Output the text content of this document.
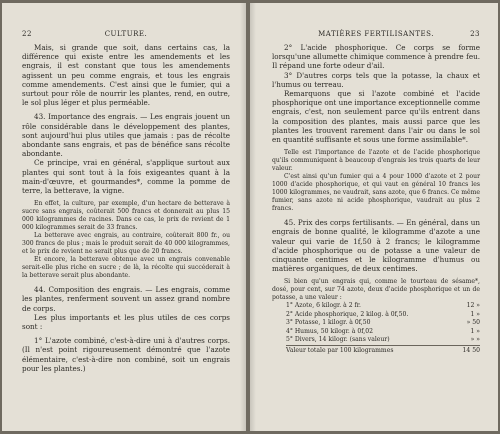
22	CULTURE.

Mais, si grande que soit, dans certains cas, la différence qui existe entre les amendements et les engrais, il est constant que tous les amendements agissent un peu comme engrais, et tous les engrais comme amendements. C'est ainsi que le fumier, qui a surtout pour rôle de nourrir les plantes, rend, en outre, le sol plus léger et plus perméable.

43. Importance des engrais. — Les engrais jouent un rôle considérable dans le développement des plantes, sont aujourd'hui plus utiles que jamais : pas de récolte abondante sans engrais, et pas de bénéfice sans récolte abondante.

Ce principe, vrai en général, s'applique surtout aux plantes qui sont tout à la fois exigeantes quant à la main-d'œuvre, et gourmandes*, comme la pomme de terre, la betterave, la vigne.

En effet, la culture, par exemple, d'un hectare de betterave à sucre sans engrais, coûterait 500 francs et donnerait au plus 15 000 kilogrammes de racines. Dans ce cas, le prix de revient de 1 000 kilogrammes serait de 33 francs.

La betterave avec engrais, au contraire, coûterait 800 fr., ou 300 francs de plus ; mais le produit serait de 40 000 kilogrammes, et le prix de revient ne serait plus que de 20 francs.

Et encore, la betterave obtenue avec un engrais convenable serait-elle plus riche en sucre ; de là, la récolte qui succéderait à la betterave serait plus abondante.

44. Composition des engrais. — Les engrais, comme les plantes, renferment souvent un assez grand nombre de corps.

Les plus importants et les plus utiles de ces corps sont :

1° L'azote combiné, c'est-à-dire uni à d'autres corps. (Il n'est point rigoureusement démontré que l'azote élémentaire, c'est-à-dire non combiné, soit un engrais pour les plantes.)

MATIÈRES FERTILISANTES.	23

2° L'acide phosphorique. Ce corps se forme lorsqu'une allumette chimique commence à prendre feu. Il répand une forte odeur d'ail.

3° D'autres corps tels que la potasse, la chaux et l'humus ou terreau.

Remarquons que si l'azote combiné et l'acide phosphorique ont une importance exceptionnelle comme engrais, c'est, non seulement parce qu'ils entrent dans la composition des plantes, mais aussi parce que les plantes les trouvent rarement dans l'air ou dans le sol en quantité suffisante et sous une forme assimilable*.

Telle est l'importance de l'azote et de l'acide phosphorique qu'ils communiquent à beaucoup d'engrais les trois quarts de leur valeur.

C'est ainsi qu'un fumier qui a 4 pour 1000 d'azote et 2 pour 1000 d'acide phosphorique, et qui vaut en général 10 francs les 1000 kilogrammes, ne vaudrait, sans azote, que 6 francs. Ce même fumier, sans azote ni acide phosphorique, vaudrait au plus 2 francs.

45. Prix des corps fertilisants. — En général, dans un engrais de bonne qualité, le kilogramme d'azote a une valeur qui varie de 1f,50 à 2 francs; le kilogramme d'acide phosphorique ou de potasse a une valeur de cinquante centimes et le kilogramme d'humus ou matières organiques, de deux centimes.

Si bien qu'un engrais qui, comme le tourteau de sésame*, dosé, pour cent, sur 74 azote, deux d'acide phosphorique et un de potasse, a une valeur :

1° Azote, 6 kilogr. à 2 fr.	12 »
2° Acide phosphorique, 2 kilog. à 0f,50.	1 »
3° Potasse, 1 kilogr. à 0f,50	» 50
4° Humus, 50 kilogr. à 0f,02	1 »
5° Divers, 14 kilogr. (sans valeur)	» »
Valeur totale par 100 kilogrammes	14 50
